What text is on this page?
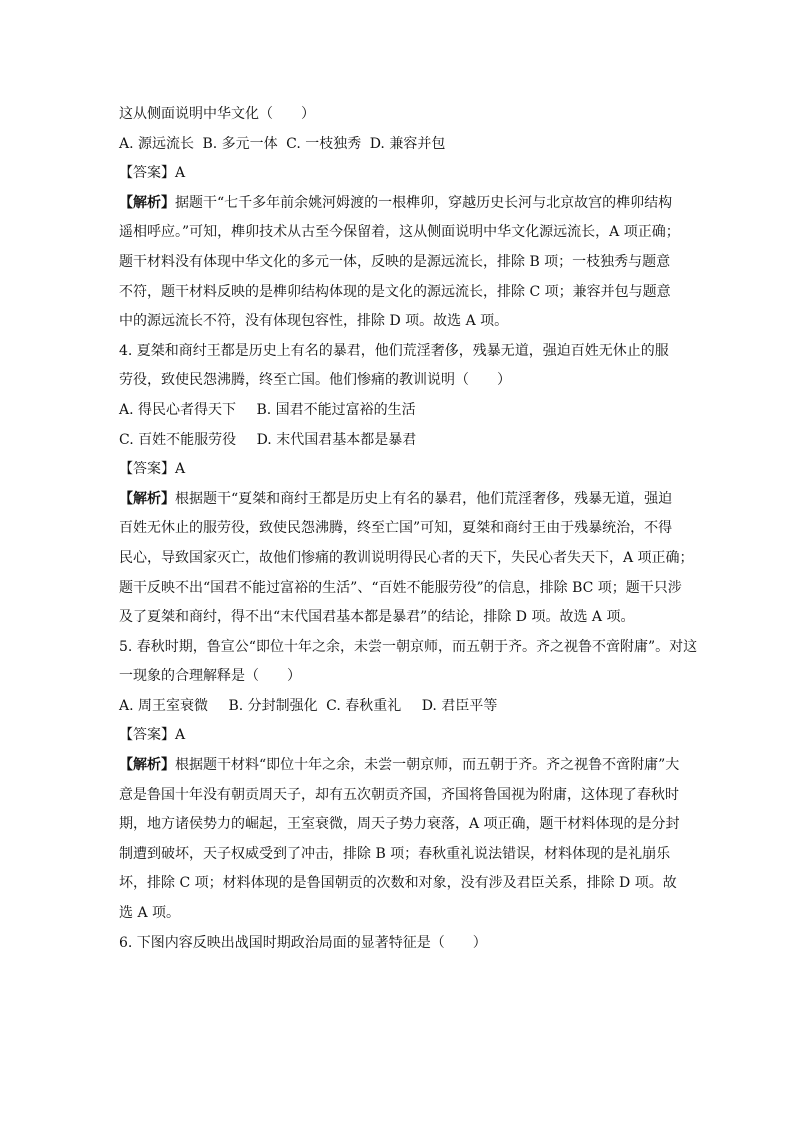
这从侧面说明中华文化（　　）
A. 源远流长 B. 多元一体 C. 一枝独秀 D. 兼容并包
【答案】A
【解析】据题干“七千多年前余姚河姆渡的一根榫卯，穿越历史长河与北京故宫的榫卯结构
遥相呼应。”可知，榫卯技术从古至今保留着，这从侧面说明中华文化源远流长，A 项正确；
题干材料没有体现中华文化的多元一体，反映的是源远流长，排除 B 项；一枝独秀与题意
不符，题干材料反映的是榫卯结构体现的是文化的源远流长，排除 C 项；兼容并包与题意
中的源远流长不符，没有体现包容性，排除 D 项。故选 A 项。
4. 夏桀和商纣王都是历史上有名的暴君，他们荒淫奢侈，残暴无道，强迫百姓无休止的服
劳役，致使民怨沸腾，终至亡国。他们惨痛的教训说明（　　）
A. 得民心者得天下 B. 国君不能过富裕的生活
C. 百姓不能服劳役 D. 末代国君基本都是暴君
【答案】A
【解析】根据题干“夏桀和商纣王都是历史上有名的暴君，他们荒淫奢侈，残暴无道，强迫
百姓无休止的服劳役，致使民怨沸腾，终至亡国”可知，夏桀和商纣王由于残暴统治，不得
民心，导致国家灭亡，故他们惨痛的教训说明得民心者的天下，失民心者失天下，A 项正确；
题干反映不出“国君不能过富裕的生活”、“百姓不能服劳役”的信息，排除 BC 项；题干只涉
及了夏桀和商纣，得不出“末代国君基本都是暴君”的结论，排除 D 项。故选 A 项。
5. 春秋时期，鲁宣公“即位十年之余，未尝一朝京师，而五朝于齐。齐之视鲁不啻附庸”。对这
一现象的合理解释是（　　）
A. 周王室衰微 B. 分封制强化 C. 春秋重礼 D. 君臣平等
【答案】A
【解析】根据题干材料“即位十年之余，未尝一朝京师，而五朝于齐。齐之视鲁不啻附庸”大
意是鲁国十年没有朝贡周天子，却有五次朝贡齐国，齐国将鲁国视为附庸，这体现了春秋时
期，地方诸侯势力的崛起，王室衰微，周天子势力衰落，A 项正确，题干材料体现的是分封
制遭到破坏，天子权威受到了冲击，排除 B 项；春秋重礼说法错误，材料体现的是礼崩乐
坏，排除 C 项；材料体现的是鲁国朝贡的次数和对象，没有涉及君臣关系，排除 D 项。故
选 A 项。
6. 下图内容反映出战国时期政治局面的显著特征是（　　）
